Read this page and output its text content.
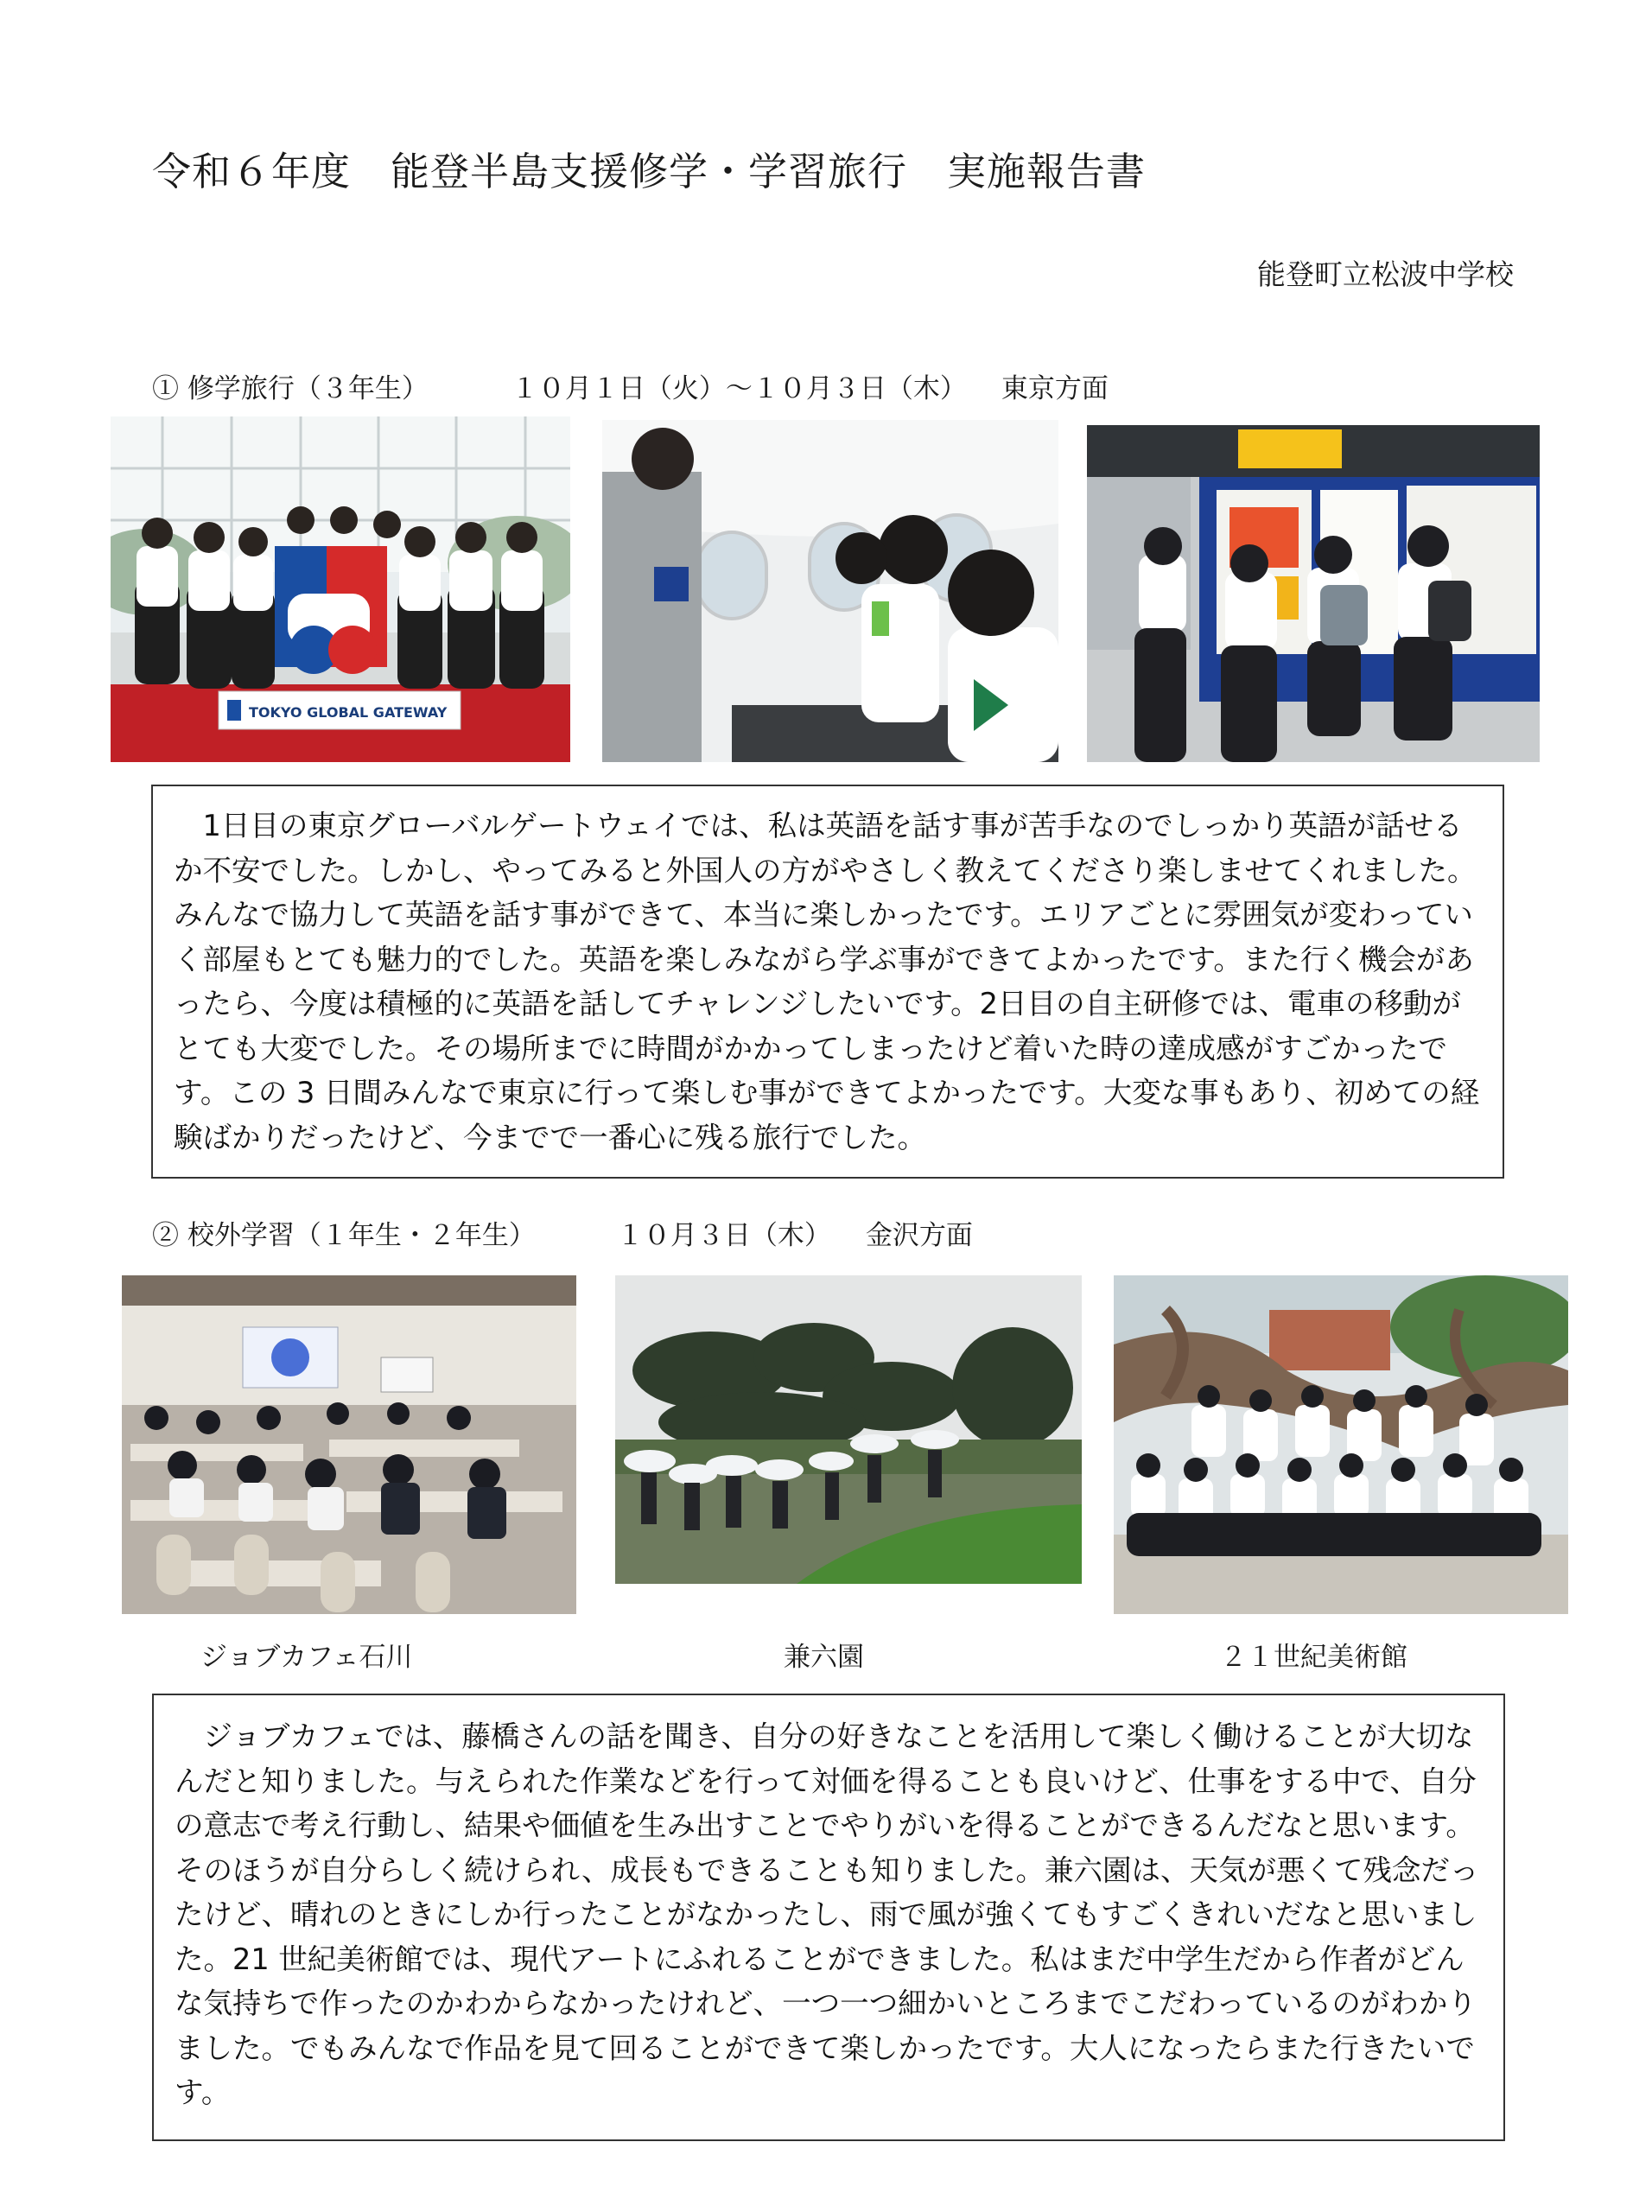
令和６年度　能登半島支援修学・学習旅行　実施報告書
能登町立松波中学校
① 修学旅行（３年生）	１０月１日（火）～１０月３日（木） 東京方面
TOKYO GLOBAL GATEWAY

1日目の東京グローバルゲートウェイでは、私は英語を話す事が苦手なのでしっかり英語が話せるか不安でした。しかし、やってみると外国人の方がやさしく教えてくださり楽しませてくれました。みんなで協力して英語を話す事ができて、本当に楽しかったです。エリアごとに雰囲気が変わっていく部屋もとても魅力的でした。英語を楽しみながら学ぶ事ができてよかったです。また行く機会があったら、今度は積極的に英語を話してチャレンジしたいです。2日目の自主研修では、電車の移動がとても大変でした。その場所までに時間がかかってしまったけど着いた時の達成感がすごかったです。この 3 日間みんなで東京に行って楽しむ事ができてよかったです。大変な事もあり、初めての経験ばかりだったけど、今までで一番心に残る旅行でした。

② 校外学習（１年生・２年生）	１０月３日（木） 金沢方面
ジョブカフェ石川	兼六園	２１世紀美術館

ジョブカフェでは、藤橋さんの話を聞き、自分の好きなことを活用して楽しく働けることが大切なんだと知りました。与えられた作業などを行って対価を得ることも良いけど、仕事をする中で、自分の意志で考え行動し、結果や価値を生み出すことでやりがいを得ることができるんだなと思います。そのほうが自分らしく続けられ、成長もできることも知りました。兼六園は、天気が悪くて残念だったけど、晴れのときにしか行ったことがなかったし、雨で風が強くてもすごくきれいだなと思いました。21 世紀美術館では、現代アートにふれることができました。私はまだ中学生だから作者がどんな気持ちで作ったのかわからなかったけれど、一つ一つ細かいところまでこだわっているのがわかりました。でもみんなで作品を見て回ることができて楽しかったです。大人になったらまた行きたいです。
